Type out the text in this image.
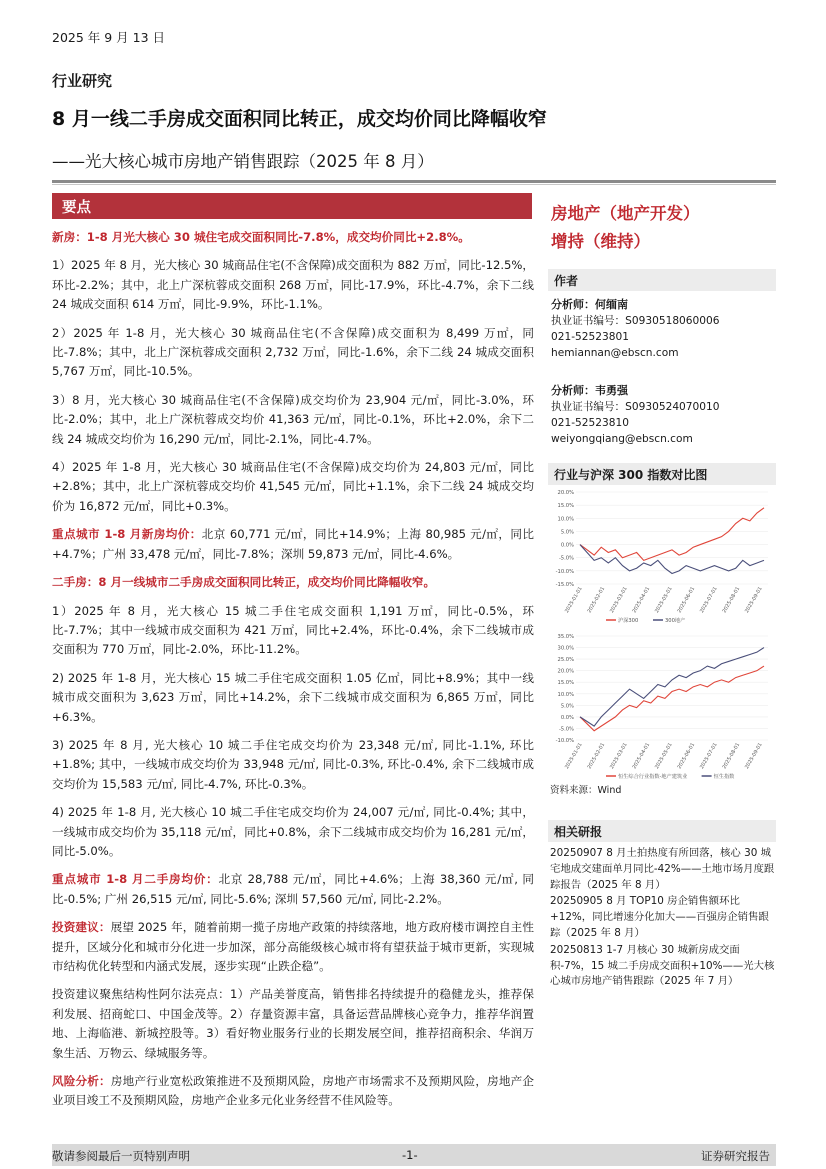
2025 年 9 月 13 日
行业研究
8 月一线二手房成交面积同比转正，成交均价同比降幅收窄
——光大核心城市房地产销售跟踪（2025 年 8 月）
要点

新房：1-8 月光大核心 30 城住宅成交面积同比-7.8%，成交均价同比+2.8%。

1）2025 年 8 月，光大核心 30 城商品住宅(不含保障)成交面积为 882 万㎡，同比-12.5%，环比-2.2%；其中，北上广深杭蓉成交面积 268 万㎡，同比-17.9%，环比-4.7%，余下二线 24 城成交面积 614 万㎡，同比-9.9%，环比-1.1%。

2）2025 年 1-8 月，光大核心 30 城商品住宅(不含保障)成交面积为 8,499 万㎡，同比-7.8%；其中，北上广深杭蓉成交面积 2,732 万㎡，同比-1.6%，余下二线 24 城成交面积 5,767 万㎡，同比-10.5%。

3）8 月，光大核心 30 城商品住宅(不含保障)成交均价为 23,904 元/㎡，同比-3.0%，环比-2.0%；其中，北上广深杭蓉成交均价 41,363 元/㎡，同比-0.1%，环比+2.0%，余下二线 24 城成交均价为 16,290 元/㎡，同比-2.1%，同比-4.7%。

4）2025 年 1-8 月，光大核心 30 城商品住宅(不含保障)成交均价为 24,803 元/㎡，同比+2.8%；其中，北上广深杭蓉成交均价 41,545 元/㎡，同比+1.1%，余下二线 24 城成交均价为 16,872 元/㎡，同比+0.3%。

重点城市 1-8 月新房均价：北京 60,771 元/㎡，同比+14.9%；上海 80,985 元/㎡，同比+4.7%；广州 33,478 元/㎡，同比-7.8%；深圳 59,873 元/㎡，同比-4.6%。

二手房：8 月一线城市二手房成交面积同比转正，成交均价同比降幅收窄。

1）2025 年 8 月，光大核心 15 城二手住宅成交面积 1,191 万㎡，同比-0.5%，环比-7.7%；其中一线城市成交面积为 421 万㎡，同比+2.4%，环比-0.4%，余下二线城市成交面积为 770 万㎡，同比-2.0%，环比-11.2%。

2) 2025 年 1-8 月，光大核心 15 城二手住宅成交面积 1.05 亿㎡，同比+8.9%；其中一线城市成交面积为 3,623 万㎡，同比+14.2%，余下二线城市成交面积为 6,865 万㎡，同比+6.3%。

3) 2025 年 8 月, 光大核心 10 城二手住宅成交均价为 23,348 元/㎡, 同比-1.1%, 环比+1.8%; 其中，一线城市成交均价为 33,948 元/㎡, 同比-0.3%, 环比-0.4%, 余下二线城市成交均价为 15,583 元/㎡, 同比-4.7%, 环比-0.3%。

4) 2025 年 1-8 月, 光大核心 10 城二手住宅成交均价为 24,007 元/㎡, 同比-0.4%; 其中，一线城市成交均价为 35,118 元/㎡，同比+0.8%，余下二线城市成交均价为 16,281 元/㎡，同比-5.0%。

重点城市 1-8 月二手房均价：北京 28,788 元/㎡，同比+4.6%；上海 38,360 元/㎡, 同比-0.5%; 广州 26,515 元/㎡, 同比-5.6%; 深圳 57,560 元/㎡, 同比-2.2%。

投资建议：展望 2025 年，随着前期一揽子房地产政策的持续落地，地方政府楼市调控自主性提升，区域分化和城市分化进一步加深，部分高能级核心城市将有望获益于城市更新，实现城市结构优化转型和内涵式发展，逐步实现“止跌企稳”。

投资建议聚焦结构性阿尔法亮点：1）产品美誉度高，销售排名持续提升的稳健龙头，推荐保利发展、招商蛇口、中国金茂等。2）存量资源丰富，具备运营品牌核心竞争力，推荐华润置地、上海临港、新城控股等。3）看好物业服务行业的长期发展空间，推荐招商积余、华润万象生活、万物云、绿城服务等。

风险分析：房地产行业宽松政策推进不及预期风险，房地产市场需求不及预期风险，房地产企业项目竣工不及预期风险，房地产企业多元化业务经营不佳风险等。

房地产（地产开发）
增持（维持）
作者
分析师：何缅南
执业证书编号：S0930518060006
021-52523801
hemiannan@ebscn.com
分析师：韦勇强
执业证书编号：S0930524070010
021-52523810
weiyongqiang@ebscn.com
行业与沪深 300 指数对比图
20.0%
15.0%
10.0%
5.0%
0.0%
-5.0%
-10.0%
-15.0%
2025-01-01 2025-02-01 2025-03-01 2025-04-01 2025-05-01 2025-06-01 2025-07-01 2025-08-01 2025-09-01
沪深300	300地产

35.0%
30.0%
25.0%
20.0%
15.0%
10.0%
5.0%
0.0%
-5.0%
-10.0%
2025-01-01 2025-02-01 2025-03-01 2025-04-01 2025-05-01 2025-06-01 2025-07-01 2025-08-01 2025-09-01
恒生综合行业指数-地产建筑业	恒生指数
资料来源：Wind
相关研报
20250907 8 月土拍热度有所回落，核心 30 城宅地成交建面单月同比-42%——土地市场月度跟踪报告（2025 年 8 月）
20250905 8 月 TOP10 房企销售额环比+12%，同比增速分化加大——百强房企销售跟踪（2025 年 8 月）
20250813 1-7 月核心 30 城新房成交面积-7%，15 城二手房成交面积+10%——光大核心城市房地产销售跟踪（2025 年 7 月）
敬请参阅最后一页特别声明	-1-	证券研究报告
